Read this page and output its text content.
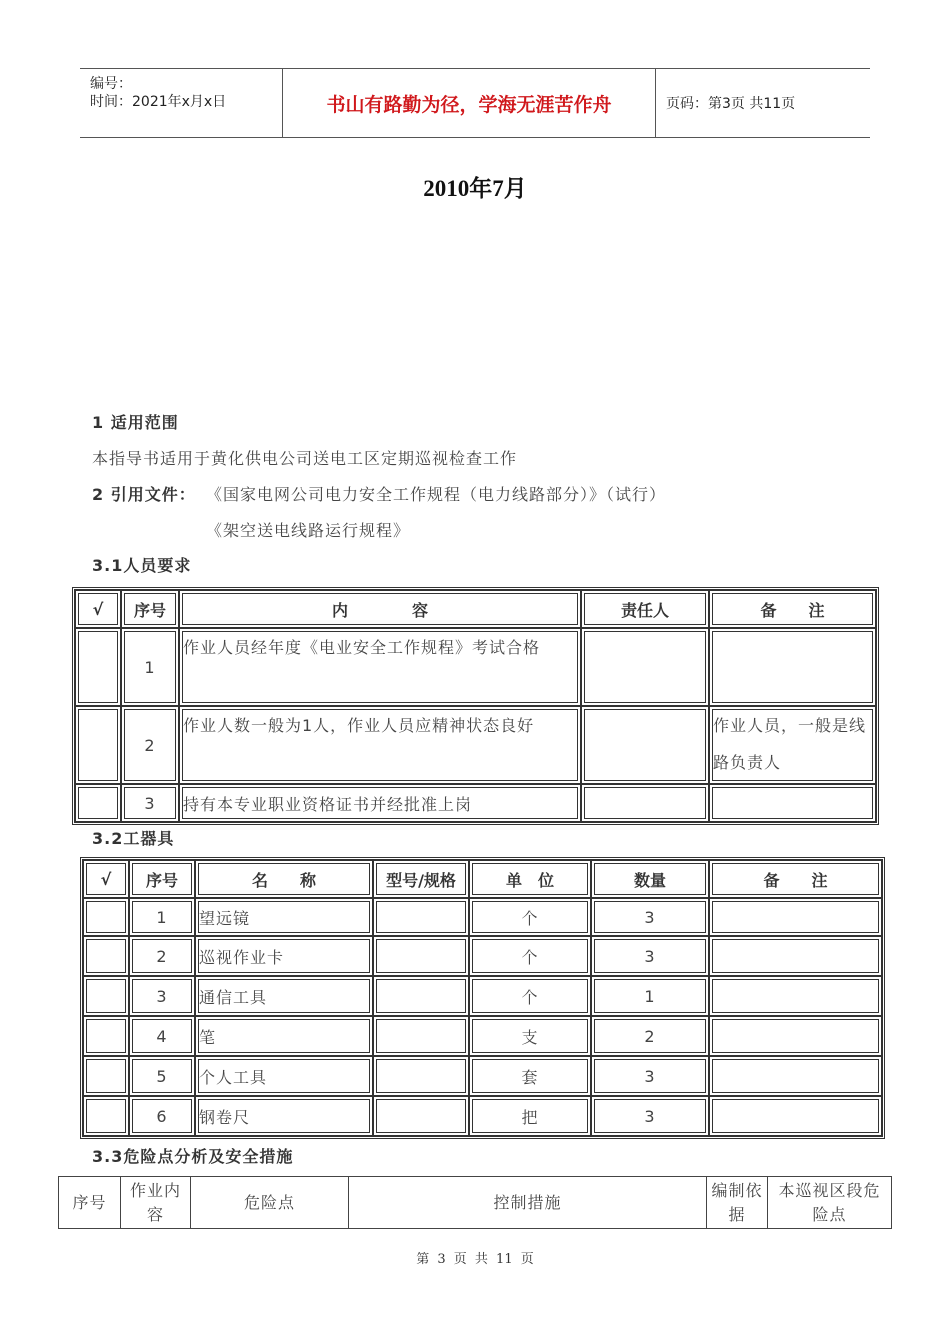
编号：
时间：2021年x月x日	书山有路勤为径，学海无涯苦作舟	页码：第3页 共11页
2010年7月
1 适用范围
本指导书适用于黄化供电公司送电工区定期巡视检查工作
2 引用文件： 《国家电网公司电力安全工作规程（电力线路部分）》（试行）
《架空送电线路运行规程》
3.1人员要求
√	序号	内　　　　容	责任人	备　　注
	1	作业人员经年度《电业安全工作规程》考试合格		
	2	作业人数一般为1人，作业人员应精神状态良好		作业人员，一般是线路负责人
	3	持有本专业职业资格证书并经批准上岗		
3.2工器具
√	序号	名　　称	型号/规格	单　位	数量	备　　注
	1	望远镜		个	3	
	2	巡视作业卡		个	3	
	3	通信工具		个	1	
	4	笔		支	2	
	5	个人工具		套	3	
	6	钢卷尺		把	3	
3.3危险点分析及安全措施
序号	作业内容	危险点	控制措施	编制依据	本巡视区段危险点
第 3 页 共 11 页
